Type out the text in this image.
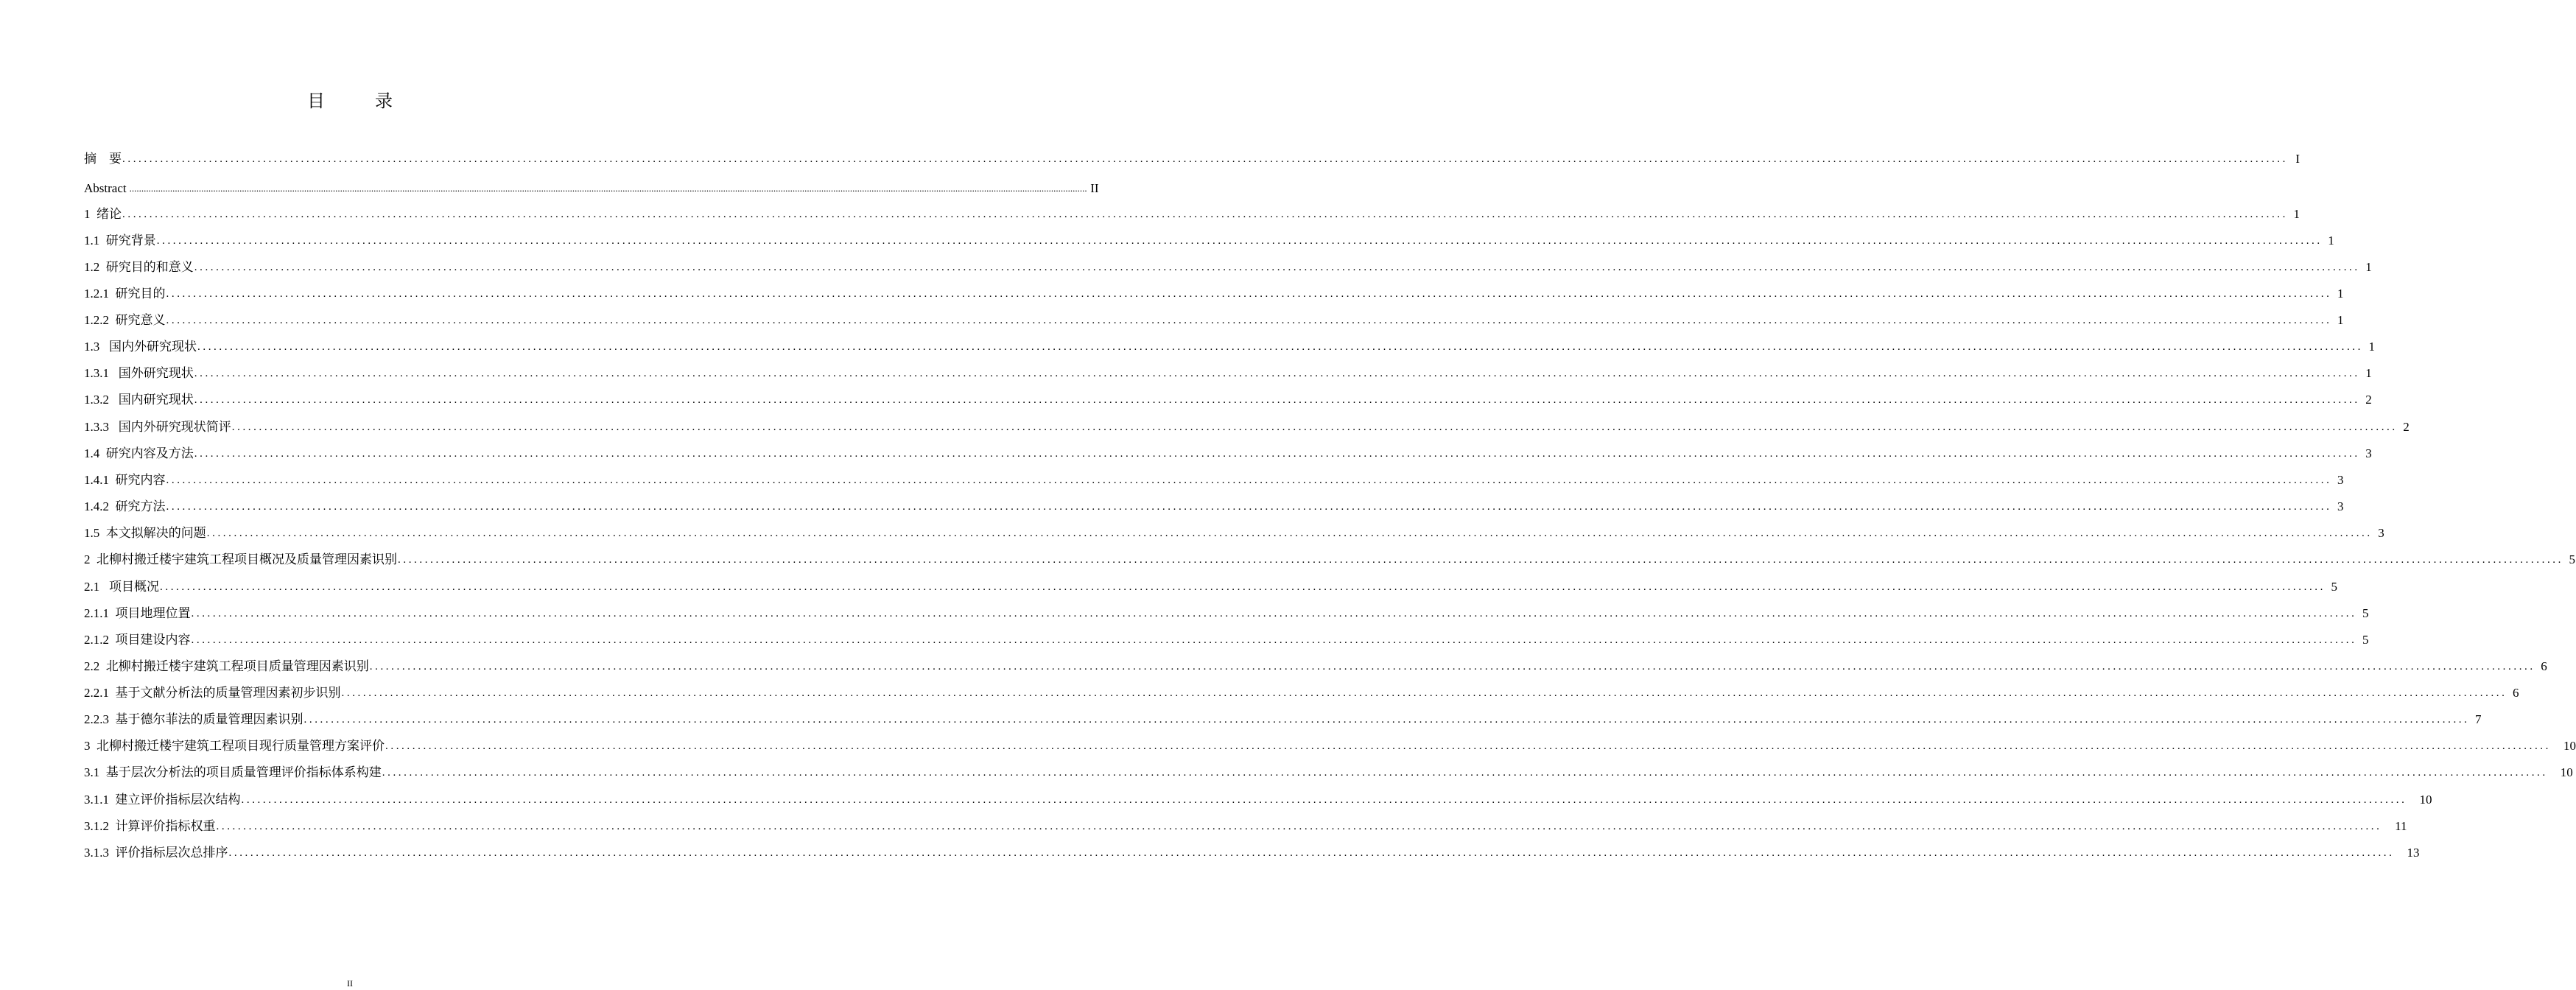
目　录
摘　要 ................................................................................................................................................................................................................................................................................................................................................................................................................ I
Abstract ................................................................................................................................................................................................................................................................................................................................................................................................................ II
1  绪论 ................................................................................................................................................................................................................................................................................................................................................................................................................ 1
1.1  研究背景 ................................................................................................................................................................................................................................................................................................................................................................................................................ 1
1.2  研究目的和意义 ................................................................................................................................................................................................................................................................................................................................................................................................................ 1
1.2.1  研究目的 ................................................................................................................................................................................................................................................................................................................................................................................................................ 1
1.2.2  研究意义 ................................................................................................................................................................................................................................................................................................................................................................................................................ 1
1.3   国内外研究现状 ................................................................................................................................................................................................................................................................................................................................................................................................................ 1
1.3.1   国外研究现状 ................................................................................................................................................................................................................................................................................................................................................................................................................ 1
1.3.2   国内研究现状 ................................................................................................................................................................................................................................................................................................................................................................................................................ 2
1.3.3   国内外研究现状简评 ................................................................................................................................................................................................................................................................................................................................................................................................................ 2
1.4  研究内容及方法 ................................................................................................................................................................................................................................................................................................................................................................................................................ 3
1.4.1  研究内容 ................................................................................................................................................................................................................................................................................................................................................................................................................ 3
1.4.2  研究方法 ................................................................................................................................................................................................................................................................................................................................................................................................................ 3
1.5  本文拟解决的问题 ................................................................................................................................................................................................................................................................................................................................................................................................................ 3
2  北柳村搬迁楼宇建筑工程项目概况及质量管理因素识别 ................................................................................................................................................................................................................................................................................................................................................................................................................ 5
2.1   项目概况 ................................................................................................................................................................................................................................................................................................................................................................................................................ 5
2.1.1  项目地理位置 ................................................................................................................................................................................................................................................................................................................................................................................................................ 5
2.1.2  项目建设内容 ................................................................................................................................................................................................................................................................................................................................................................................................................ 5
2.2  北柳村搬迁楼宇建筑工程项目质量管理因素识别 ................................................................................................................................................................................................................................................................................................................................................................................................................ 6
2.2.1  基于文献分析法的质量管理因素初步识别 ................................................................................................................................................................................................................................................................................................................................................................................................................ 6
2.2.3  基于德尔菲法的质量管理因素识别 ................................................................................................................................................................................................................................................................................................................................................................................................................ 7
3  北柳村搬迁楼宇建筑工程项目现行质量管理方案评价 ................................................................................................................................................................................................................................................................................................................................................................................................................	10
3.1  基于层次分析法的项目质量管理评价指标体系构建 ................................................................................................................................................................................................................................................................................................................................................................................................................	10
3.1.1  建立评价指标层次结构 ................................................................................................................................................................................................................................................................................................................................................................................................................	10
3.1.2  计算评价指标权重 ................................................................................................................................................................................................................................................................................................................................................................................................................	11
3.1.3  评价指标层次总排序 ................................................................................................................................................................................................................................................................................................................................................................................................................	13
II
